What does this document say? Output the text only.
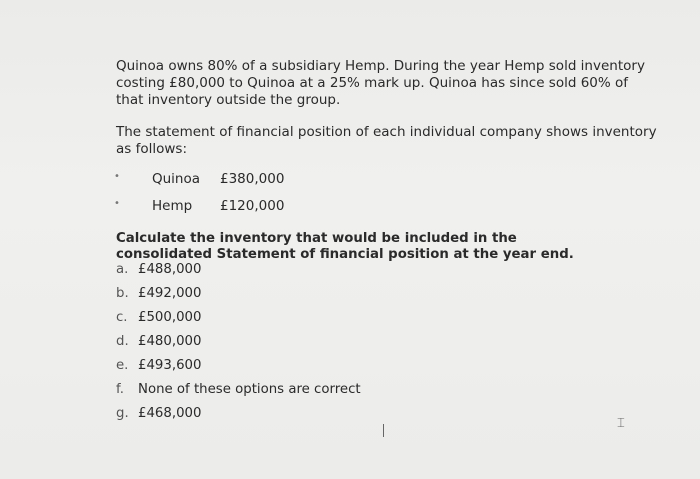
Quinoa owns 80% of a subsidiary Hemp. During the year Hemp sold inventory costing £80,000 to Quinoa at a 25% mark up. Quinoa has since sold 60% of that inventory outside the group.

The statement of financial position of each individual company shows inventory as follows:

• Quinoa £380,000
• Hemp £120,000
Calculate the inventory that would be included in the consolidated Statement of financial position at the year end.
a. £488,000
b. £492,000
c. £500,000
d. £480,000
e. £493,600
f.	None of these options are correct
g. £468,000
⌶
